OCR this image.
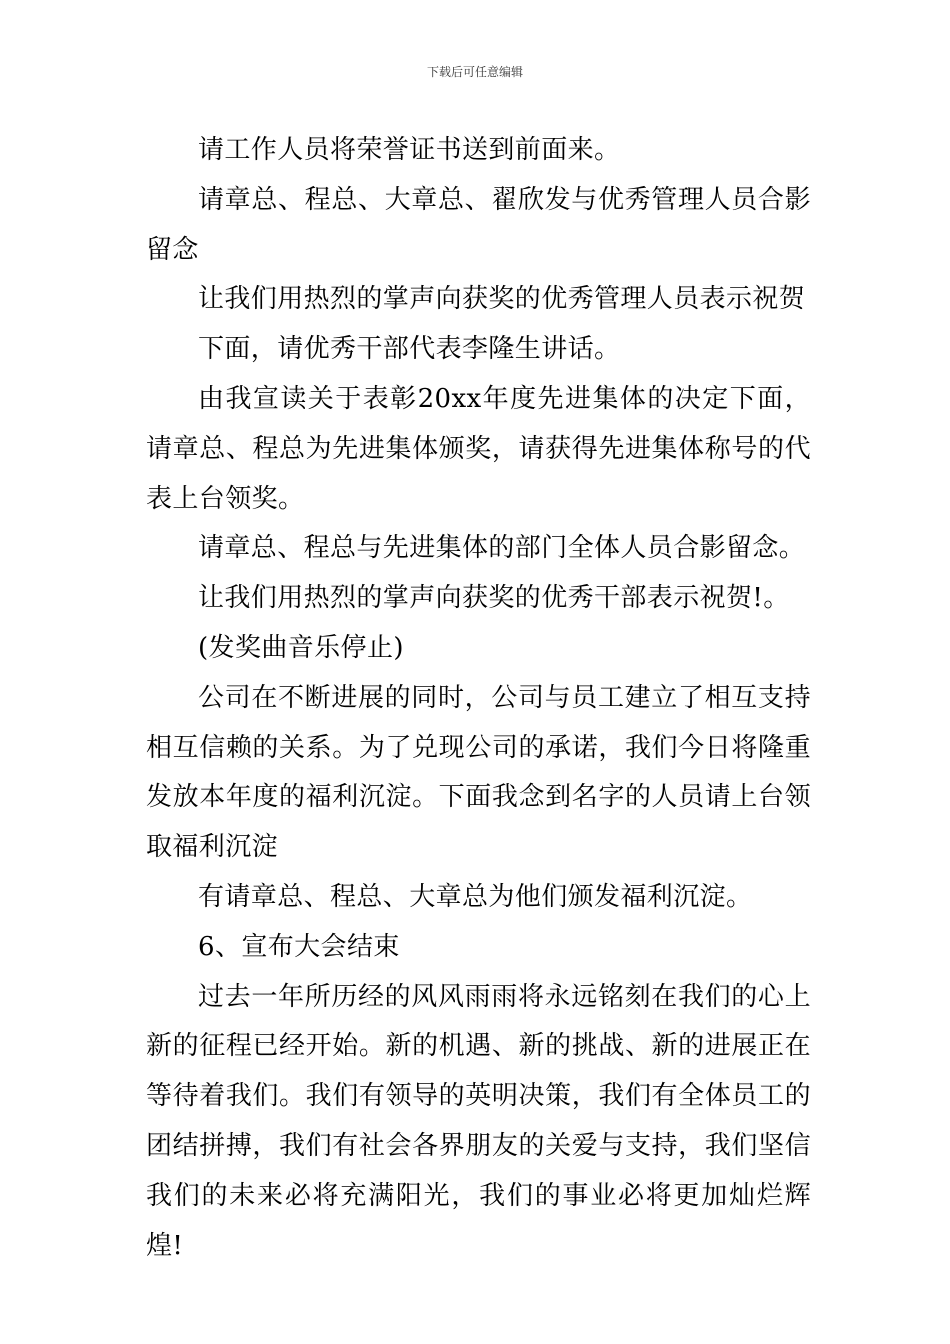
下载后可任意编辑

请工作人员将荣誉证书送到前面来。

请章总、程总、大章总、翟欣发与优秀管理人员合影留念

让我们用热烈的掌声向获奖的优秀管理人员表示祝贺

下面，请优秀干部代表李隆生讲话。

由我宣读关于表彰20xx年度先进集体的决定下面，请章总、程总为先进集体颁奖，请获得先进集体称号的代表上台领奖。

请章总、程总与先进集体的部门全体人员合影留念。

让我们用热烈的掌声向获奖的优秀干部表示祝贺!。

(发奖曲音乐停止)

公司在不断进展的同时，公司与员工建立了相互支持相互信赖的关系。为了兑现公司的承诺，我们今日将隆重发放本年度的福利沉淀。下面我念到名字的人员请上台领取福利沉淀

有请章总、程总、大章总为他们颁发福利沉淀。

6、宣布大会结束

过去一年所历经的风风雨雨将永远铭刻在我们的心上新的征程已经开始。新的机遇、新的挑战、新的进展正在等待着我们。我们有领导的英明决策，我们有全体员工的团结拼搏，我们有社会各界朋友的关爱与支持，我们坚信我们的未来必将充满阳光，我们的事业必将更加灿烂辉煌!
